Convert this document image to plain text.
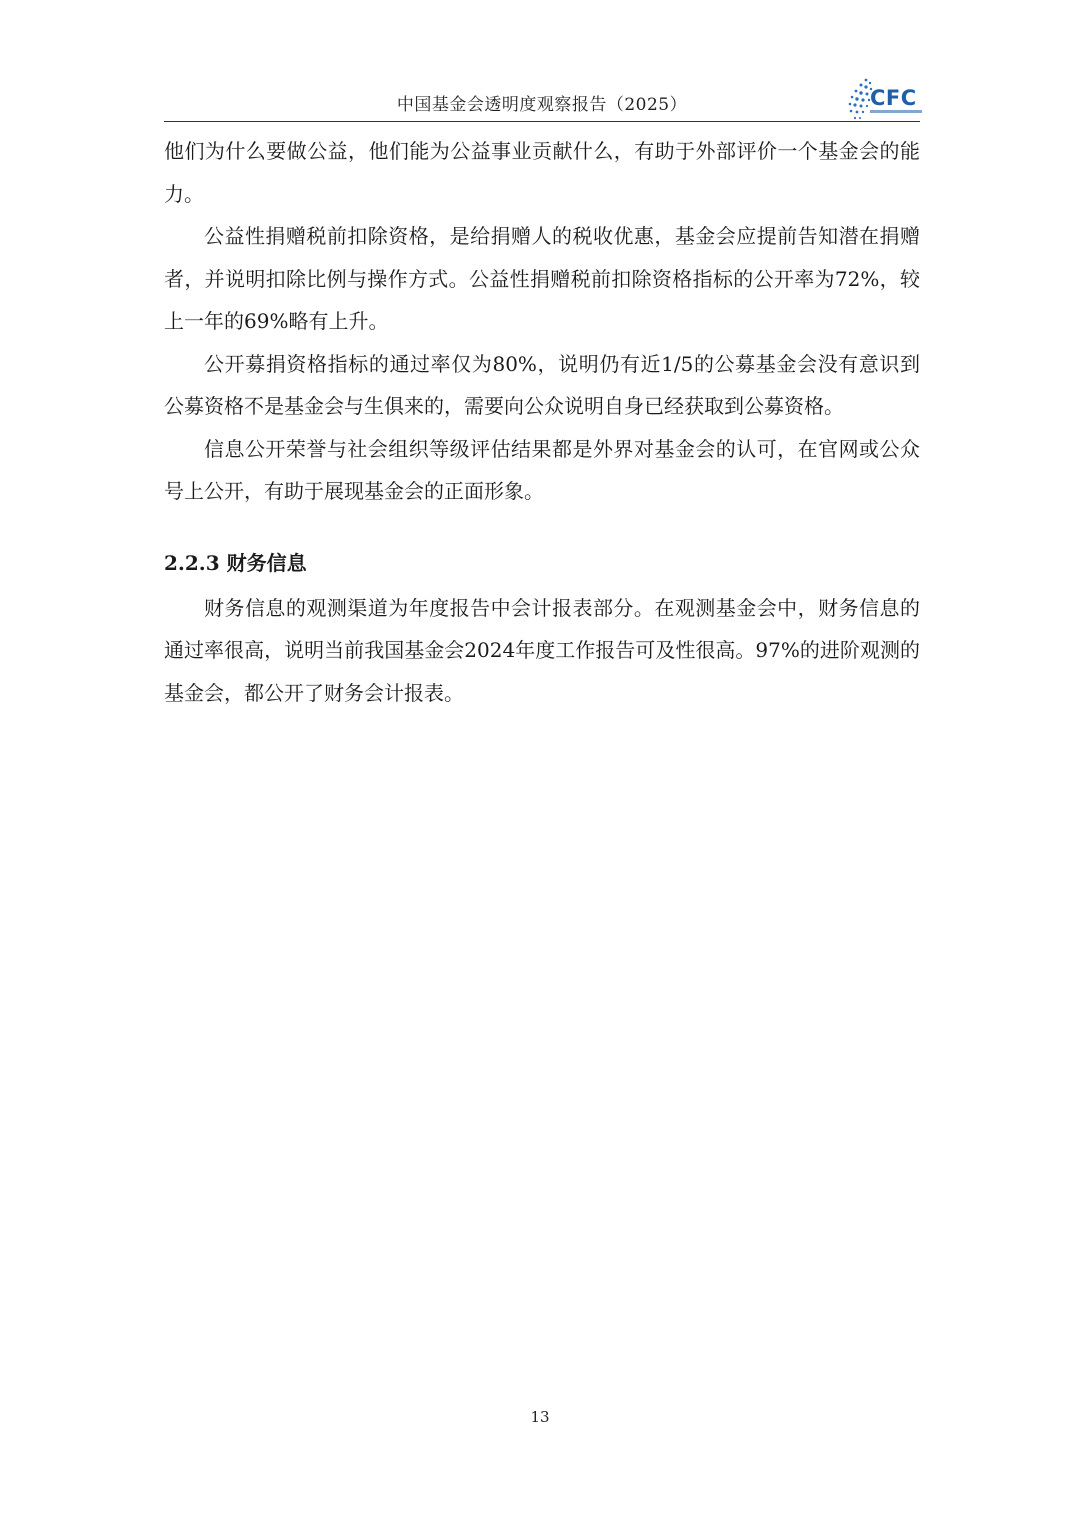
中国基金会透明度观察报告（2025）	CFC

他们为什么要做公益，他们能为公益事业贡献什么，有助于外部评价一个基金会的能力。

公益性捐赠税前扣除资格，是给捐赠人的税收优惠，基金会应提前告知潜在捐赠者，并说明扣除比例与操作方式。公益性捐赠税前扣除资格指标的公开率为72%，较上一年的69%略有上升。

公开募捐资格指标的通过率仅为80%，说明仍有近1/5的公募基金会没有意识到公募资格不是基金会与生俱来的，需要向公众说明自身已经获取到公募资格。

信息公开荣誉与社会组织等级评估结果都是外界对基金会的认可，在官网或公众号上公开，有助于展现基金会的正面形象。

2.2.3 财务信息

财务信息的观测渠道为年度报告中会计报表部分。在观测基金会中，财务信息的通过率很高，说明当前我国基金会2024年度工作报告可及性很高。97%的进阶观测的基金会，都公开了财务会计报表。

13
